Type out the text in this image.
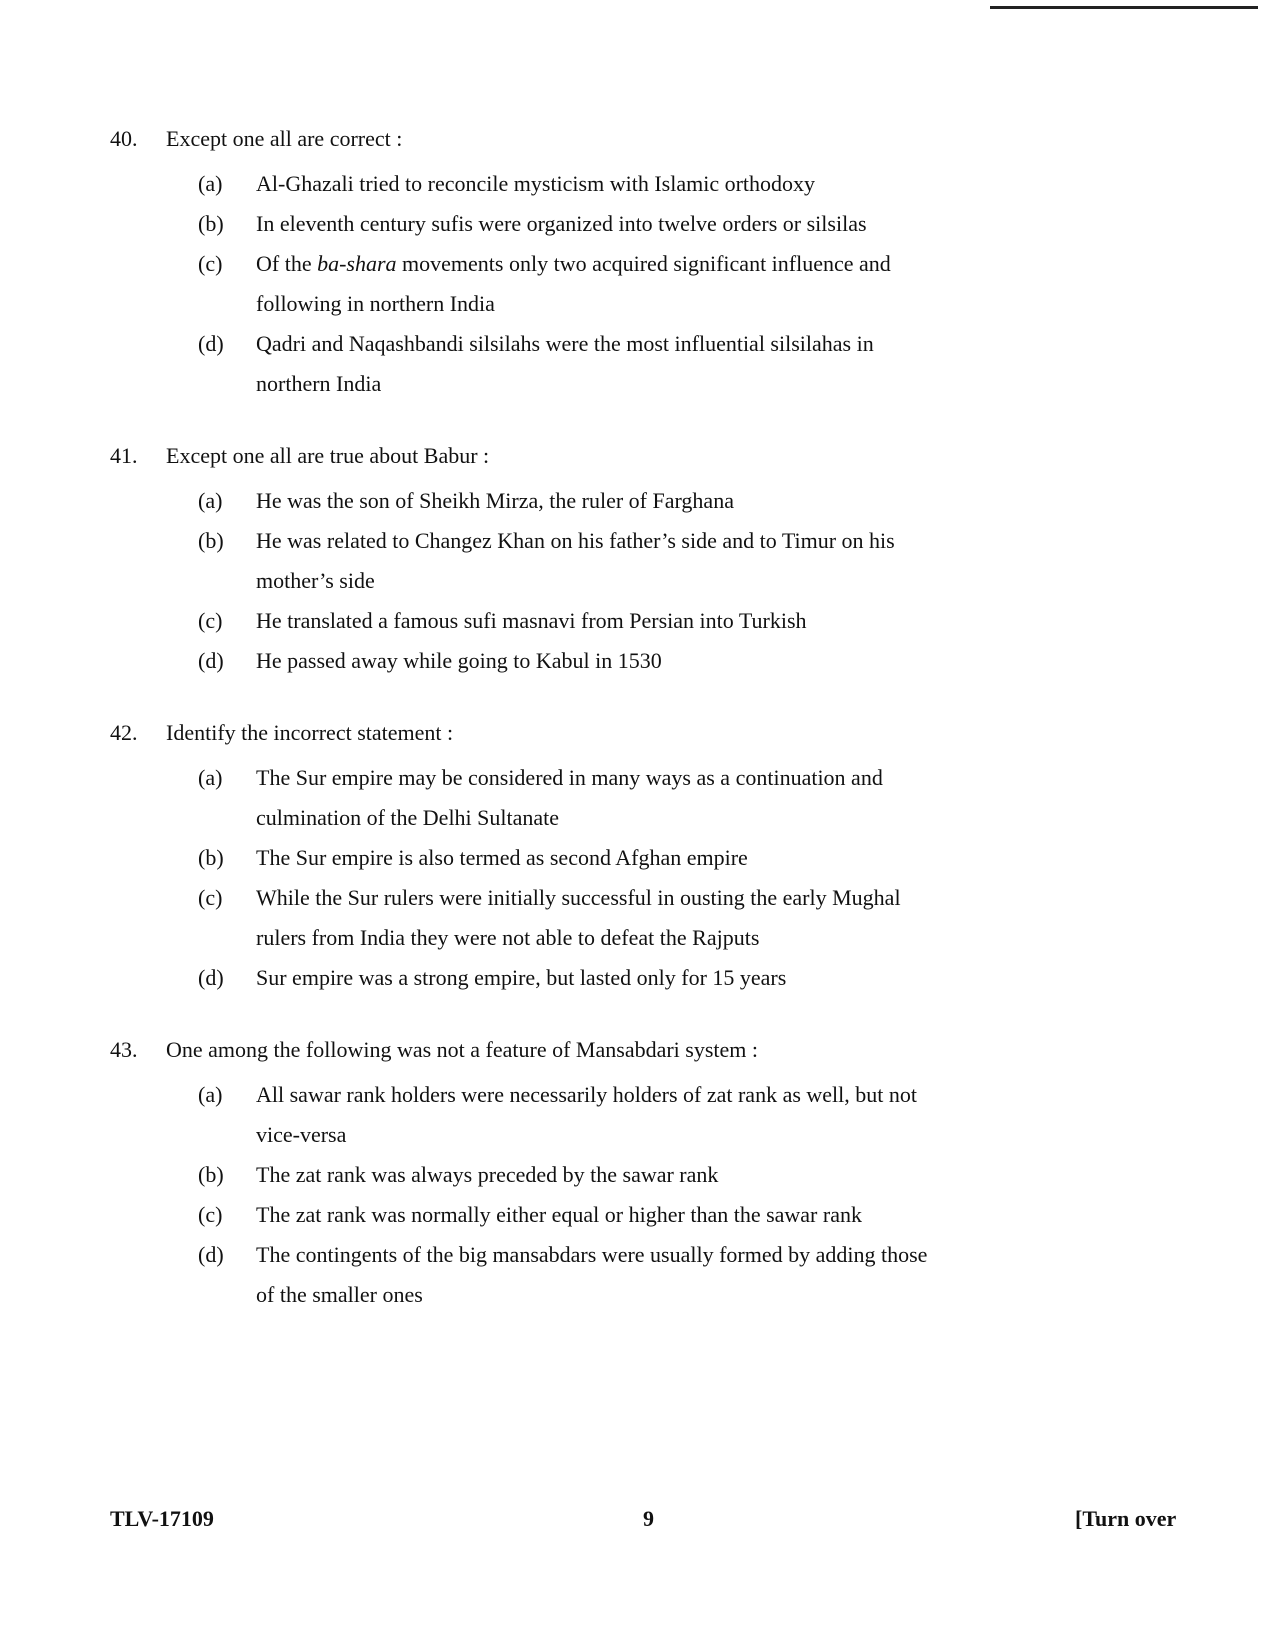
40.	Except one all are correct :
(a)	Al-Ghazali tried to reconcile mysticism with Islamic orthodoxy
(b)	In eleventh century sufis were organized into twelve orders or silsilas
(c)	Of the ba-shara movements only two acquired significant influence and following in northern India
(d)	Qadri and Naqashbandi silsilahs were the most influential silsilahas in northern India
41.	Except one all are true about Babur :
(a)	He was the son of Sheikh Mirza, the ruler of Farghana
(b)	He was related to Changez Khan on his father’s side and to Timur on his mother’s side
(c)	He translated a famous sufi masnavi from Persian into Turkish
(d)	He passed away while going to Kabul in 1530
42.	Identify the incorrect statement :
(a)	The Sur empire may be considered in many ways as a continuation and culmination of the Delhi Sultanate
(b)	The Sur empire is also termed as second Afghan empire
(c)	While the Sur rulers were initially successful in ousting the early Mughal rulers from India they were not able to defeat the Rajputs
(d)	Sur empire was a strong empire, but lasted only for 15 years
43.	One among the following was not a feature of Mansabdari system :
(a)	All sawar rank holders were necessarily holders of zat rank as well, but not vice-versa
(b)	The zat rank was always preceded by the sawar rank
(c)	The zat rank was normally either equal or higher than the sawar rank
(d)	The contingents of the big mansabdars were usually formed by adding those of the smaller ones
TLV-17109	9	[Turn over
